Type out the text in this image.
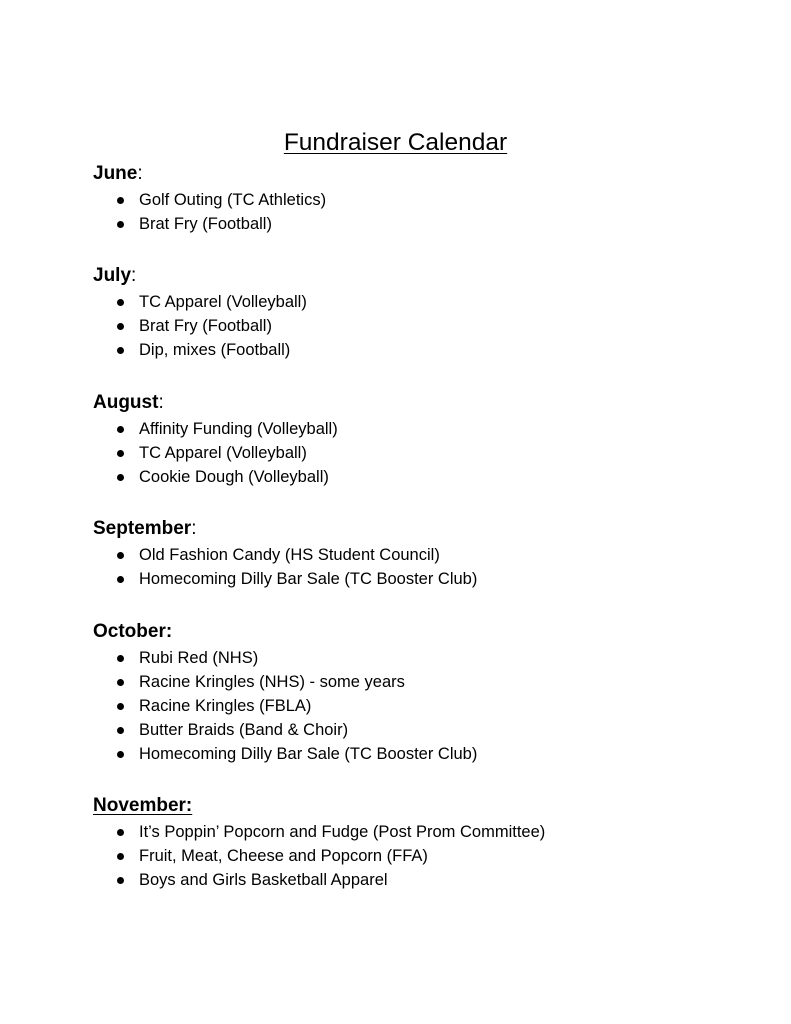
Fundraiser Calendar
June:
Golf Outing (TC Athletics)
Brat Fry (Football)
July:
TC Apparel (Volleyball)
Brat Fry (Football)
Dip, mixes (Football)
August:
Affinity Funding (Volleyball)
TC Apparel (Volleyball)
Cookie Dough (Volleyball)
September:
Old Fashion Candy (HS Student Council)
Homecoming Dilly Bar Sale (TC Booster Club)
October:
Rubi Red (NHS)
Racine Kringles (NHS) - some years
Racine Kringles (FBLA)
Butter Braids (Band & Choir)
Homecoming Dilly Bar Sale (TC Booster Club)
November:
It’s Poppin’ Popcorn and Fudge (Post Prom Committee)
Fruit, Meat, Cheese and Popcorn (FFA)
Boys and Girls Basketball Apparel
